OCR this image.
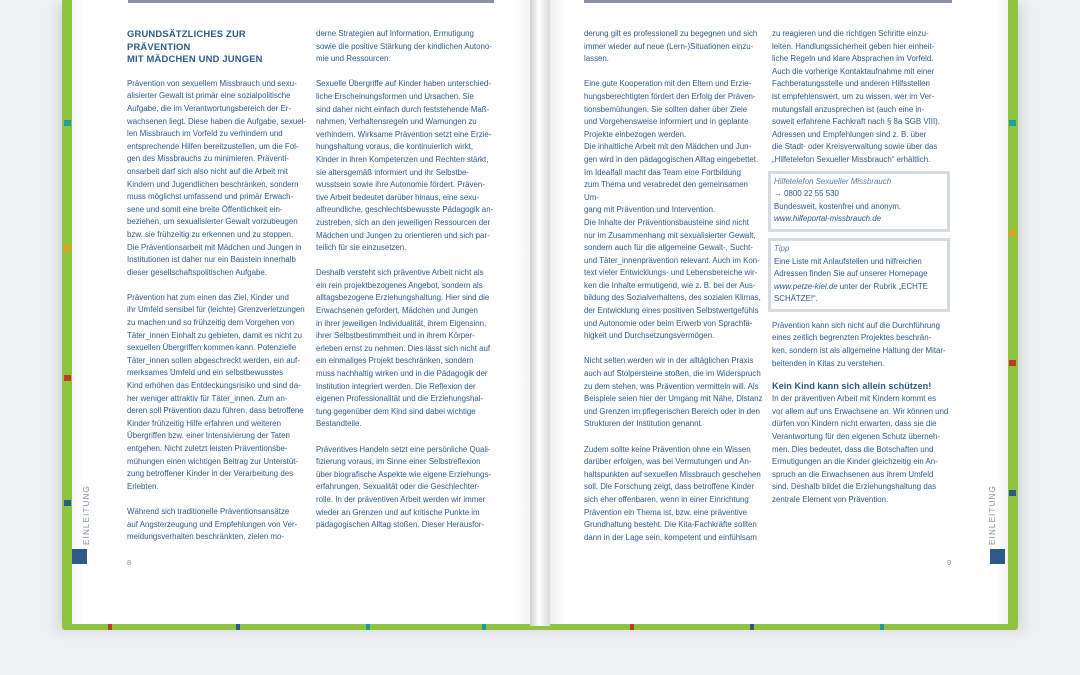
GRUNDSÄTZLICHES ZUR PRÄVENTION
MIT MÄDCHEN UND JUNGEN

Prävention von sexuellem Missbrauch und sexu-
alisierter Gewalt ist primär eine sozialpolitische
Aufgabe, die im Verantwortungsbereich der Er-
wachsenen liegt. Diese haben die Aufgabe, sexuel-
len Missbrauch im Vorfeld zu verhindern und
entsprechende Hilfen bereitzustellen, um die Fol-
gen des Missbrauchs zu minimieren. Präventi-
onsarbeit darf sich also nicht auf die Arbeit mit
Kindern und Jugendlichen beschränken, sondern
muss möglichst umfassend und primär Erwach-
sene und somit eine breite Öffentlichkeit ein-
beziehen, um sexualisierter Gewalt vorzubeugen
bzw. sie frühzeitig zu erkennen und zu stoppen.
Die Präventionsarbeit mit Mädchen und Jungen in
Institutionen ist daher nur ein Baustein innerhalb
dieser gesellschaftspolitischen Aufgabe.

Prävention hat zum einen das Ziel, Kinder und
ihr Umfeld sensibel für (leichte) Grenzverletzungen
zu machen und so frühzeitig dem Vorgehen von
Täter_innen Einhalt zu gebieten, damit es nicht zu
sexuellen Übergriffen kommen kann. Potenzielle
Täter_innen sollen abgeschreckt werden, ein auf-
merksames Umfeld und ein selbstbewusstes
Kind erhöhen das Entdeckungsrisiko und sind da-
her weniger attraktiv für Täter_innen. Zum an-
deren soll Prävention dazu führen, dass betroffene
Kinder frühzeitig Hilfe erfahren und weiteren
Übergriffen bzw. einer Intensivierung der Taten
entgehen. Nicht zuletzt leisten Präventionsbe-
mühungen einen wichtigen Beitrag zur Unterstüt-
zung betroffener Kinder in der Verarbeitung des
Erlebten.

Während sich traditionelle Präventionsansätze
auf Angsterzeugung und Empfehlungen von Ver-
meidungsverhalten beschränkten, zielen mo-

derne Strategien auf Information, Ermutigung
sowie die positive Stärkung der kindlichen Autono-
mie und Ressourcen.

Sexuelle Übergriffe auf Kinder haben unterschied-
liche Erscheinungsformen und Ursachen. Sie
sind daher nicht einfach durch feststehende Maß-
nahmen, Verhaltensregeln und Warnungen zu
verhindern. Wirksame Prävention setzt eine Erzie-
hungshaltung voraus, die kontinuierlich wirkt,
Kinder in ihren Kompetenzen und Rechten stärkt,
sie altersgemäß informiert und ihr Selbstbe-
wusstsein sowie ihre Autonomie fördert. Präven-
tive Arbeit bedeutet darüber hinaus, eine sexu-
alfreundliche, geschlechtsbewusste Pädagogik an-
zustreben, sich an den jeweiligen Ressourcen der
Mädchen und Jungen zu orientieren und sich par-
teilich für sie einzusetzen.

Deshalb versteht sich präventive Arbeit nicht als
ein rein projektbezogenes Angebot, sondern als
alltagsbezogene Erziehungshaltung. Hier sind die
Erwachsenen gefordert, Mädchen und Jungen
in ihrer jeweiligen Individualität, ihrem Eigensinn,
ihrer Selbstbestimmtheit und in ihrem Körper-
erleben ernst zu nehmen. Dies lässt sich nicht auf
ein einmaliges Projekt beschränken, sondern
muss nachhaltig wirken und in die Pädagogik der
Institution integriert werden. Die Reflexion der
eigenen Professionalität und die Erziehungshal-
tung gegenüber dem Kind sind dabei wichtige
Bestandteile.

Präventives Handeln setzt eine persönliche Quali-
fizierung voraus, im Sinne einer Selbstreflexion
über biografische Aspekte wie eigene Erziehungs-
erfahrungen, Sexualität oder die Geschlechter-
rolle. In der präventiven Arbeit werden wir immer
wieder an Grenzen und auf kritische Punkte im
pädagogischen Alltag stoßen. Dieser Herausfor-

EINLEITUNG
8

derung gilt es professionell zu begegnen und sich
immer wieder auf neue (Lern-)Situationen einzu-
lassen.

Eine gute Kooperation mit den Eltern und Erzie-
hungsberechtigten fördert den Erfolg der Präven-
tionsbemühungen. Sie sollten daher über Ziele
und Vorgehensweise informiert und in geplante
Projekte einbezogen werden.
Die inhaltliche Arbeit mit den Mädchen und Jun-
gen wird in den pädagogischen Alltag eingebettet.
Im Idealfall macht das Team eine Fortbildung
zum Thema und verabredet den gemeinsamen Um-
gang mit Prävention und Intervention.
Die Inhalte der Präventionsbausteine sind nicht
nur im Zusammenhang mit sexualisierter Gewalt,
sondern auch für die allgemeine Gewalt-, Sucht-
und Täter_innenprävention relevant. Auch im Kon-
text vieler Entwicklungs- und Lebensbereiche wir-
ken die Inhalte ermutigend, wie z. B. bei der Aus-
bildung des Sozialverhaltens, des sozialen Klimas,
der Entwicklung eines positiven Selbstwertgefühls
und Autonomie oder beim Erwerb von Sprachfä-
higkeit und Durchsetzungsvermögen.

Nicht selten werden wir in der alltäglichen Praxis
auch auf Stolpersteine stoßen, die im Widerspruch
zu dem stehen, was Prävention vermitteln will. Als
Beispiele seien hier der Umgang mit Nähe, Distanz
und Grenzen im pflegerischen Bereich oder in den
Strukturen der Institution genannt.

Zudem sollte keine Prävention ohne ein Wissen
darüber erfolgen, was bei Vermutungen und An-
haltspunkten auf sexuellen Missbrauch geschehen
soll. Die Forschung zeigt, dass betroffene Kinder
sich eher offenbaren, wenn in einer Einrichtung
Prävention ein Thema ist, bzw. eine präventive
Grundhaltung besteht. Die Kita-Fachkräfte sollten
dann in der Lage sein, kompetent und einfühlsam

zu reagieren und die richtigen Schritte einzu-
leiten. Handlungssicherheit geben hier einheit-
liche Regeln und klare Absprachen im Vorfeld.
Auch die vorherige Kontaktaufnahme mit einer
Fachberatungsstelle und anderen Hilfsstellen
ist empfehlenswert, um zu wissen, wer im Ver-
mutungsfall anzusprechen ist (auch eine in-
soweit erfahrene Fachkraft nach § 8a SGB VIII).
Adressen und Empfehlungen sind z. B. über
die Stadt- oder Kreisverwaltung sowie über das
„Hilfetelefon Sexueller Missbrauch“ erhältlich.

Hilfetelefon Sexueller Missbrauch
→ 0800 22 55 530
Bundesweit, kostenfrei und anonym.
www.hilfeportal-missbrauch.de
Tipp
Eine Liste mit Anlaufstellen und hilfreichen
Adressen finden Sie auf unserer Homepage
www.petze-kiel.de unter der Rubrik „ECHTE
SCHÄTZE!“.

Prävention kann sich nicht auf die Durchführung
eines zeitlich begrenzten Projektes beschrän-
ken, sondern ist als allgemeine Haltung der Mitar-
beitenden in Kitas zu verstehen.

Kein Kind kann sich allein schützen!

In der präventiven Arbeit mit Kindern kommt es
vor allem auf uns Erwachsene an. Wir können und
dürfen von Kindern nicht erwarten, dass sie die
Verantwortung für den eigenen Schutz überneh-
men. Dies bedeutet, dass die Botschaften und
Ermutigungen an die Kinder gleichzeitig ein An-
spruch an die Erwachsenen aus ihrem Umfeld
sind. Deshalb bildet die Erziehungshaltung das
zentrale Element von Prävention.	EINLEITUNG
9
